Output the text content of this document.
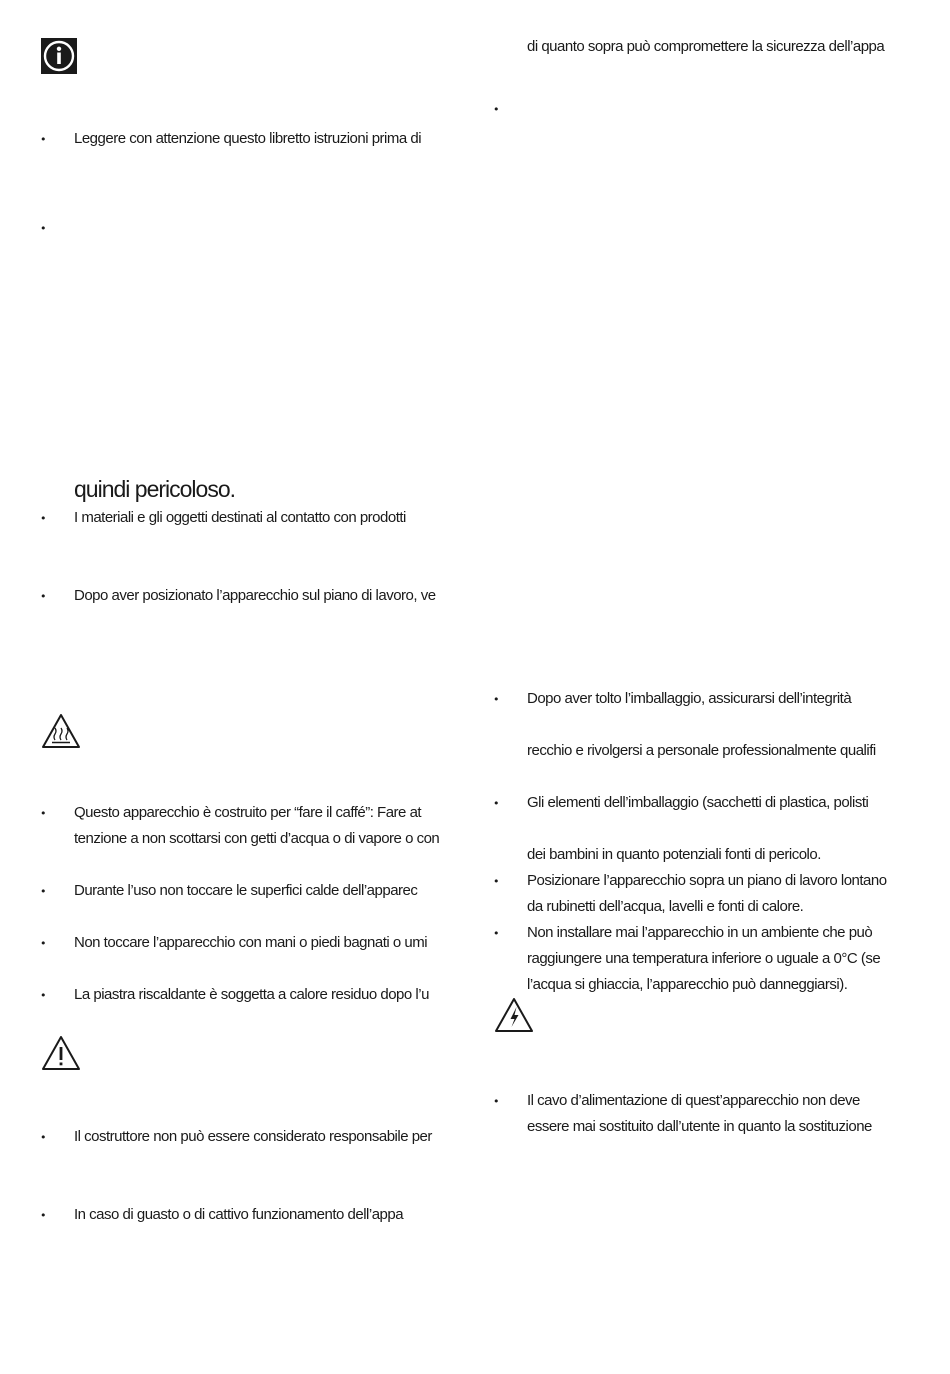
• Leggere con attenzione questo libretto istruzioni prima di

•

quindi pericoloso.

• I materiali e gli oggetti destinati al contatto con prodotti

• Dopo aver posizionato l’apparecchio sul piano di lavoro, ve

• Questo apparecchio è costruito per “fare il caffé”: Fare at

tenzione a non scottarsi con getti d’acqua o di vapore o con

• Durante l’uso non toccare le superfici calde dell’apparec

• Non toccare l’apparecchio con mani o piedi bagnati o umi

• La piastra riscaldante è soggetta a calore residuo dopo l’u

• Il costruttore non può essere considerato responsabile per

• In caso di guasto o di cattivo funzionamento dell’appa

di quanto sopra può compromettere la sicurezza dell’appa

•
• Dopo aver tolto l’imballaggio, assicurarsi dell’integrità

recchio e rivolgersi a personale professionalmente qualifi

• Gli elementi dell’imballaggio (sacchetti di plastica, polisti

dei bambini in quanto potenziali fonti di pericolo.

• Posizionare l’apparecchio sopra un piano di lavoro lontano

da rubinetti dell’acqua, lavelli e fonti di calore.

• Non installare mai l’apparecchio in un ambiente che può

raggiungere una temperatura inferiore o uguale a 0°C (se

l’acqua si ghiaccia, l’apparecchio può danneggiarsi).

• Il cavo d’alimentazione di quest’apparecchio non deve

essere mai sostituito dall’utente in quanto la sostituzione
